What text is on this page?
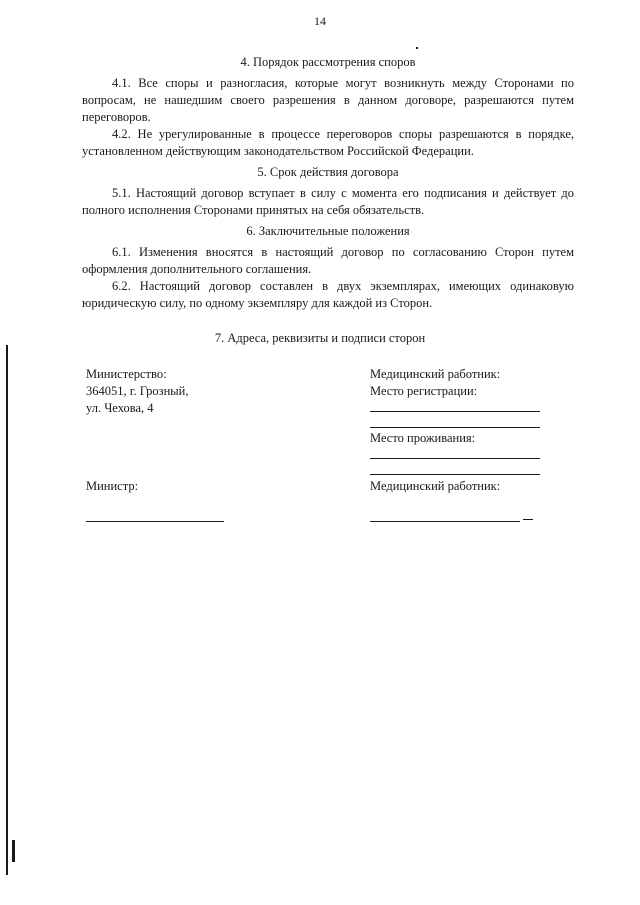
14

4. Порядок рассмотрения споров

4.1. Все споры и разногласия, которые могут возникнуть между Сторонами по вопросам, не нашедшим своего разрешения в данном договоре, разрешаются путем переговоров.

4.2. Не урегулированные в процессе переговоров споры разрешаются в порядке, установленном действующим законодательством Российской Федерации.

5. Срок действия договора

5.1. Настоящий договор вступает в силу с момента его подписания и действует до полного исполнения Сторонами принятых на себя обязательств.

6. Заключительные положения

6.1. Изменения вносятся в настоящий договор по согласованию Сторон путем оформления дополнительного соглашения.

6.2. Настоящий договор составлен в двух экземплярах, имеющих одинаковую юридическую силу, по одному экземпляру для каждой из Сторон.

7. Адреса, реквизиты и подписи сторон
Министерство:
364051, г. Грозный,
ул. Чехова, 4
Медицинский работник:
Место регистрации:
Место проживания:
Министр:	Медицинский работник:
